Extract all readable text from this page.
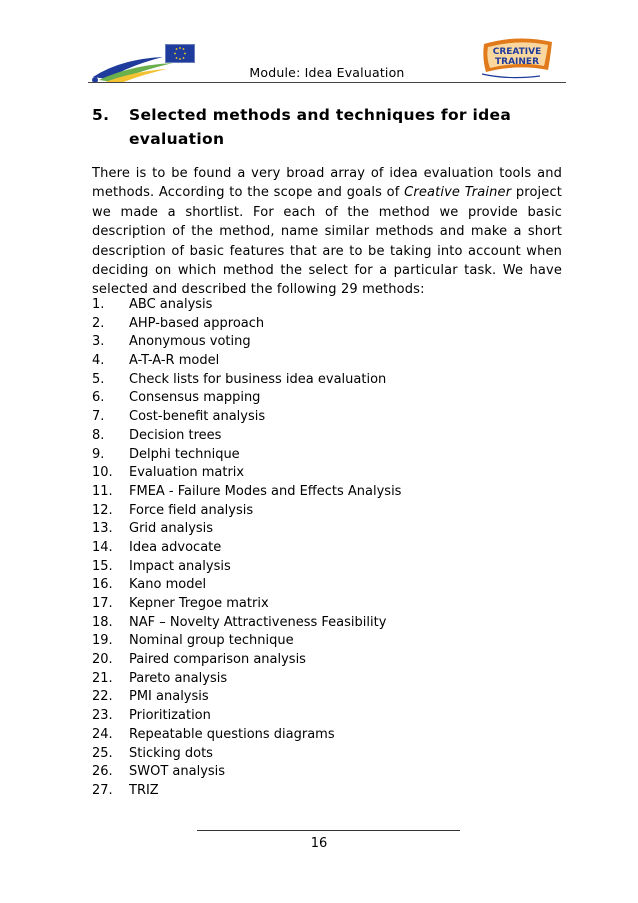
Module: Idea Evaluation
CREATIVE
TRAINER
5. Selected methods and techniques for idea evaluation

There is to be found a very broad array of idea evaluation tools and methods. According to the scope and goals of Creative Trainer project we made a shortlist. For each of the method we provide basic description of the method, name similar methods and make a short description of basic features that are to be taking into account when deciding on which method the select for a particular task. We have selected and described the following 29 methods:

1. ABC analysis
2. AHP-based approach
3. Anonymous voting
4. A-T-A-R model
5. Check lists for business idea evaluation
6. Consensus mapping
7. Cost-benefit analysis
8. Decision trees
9. Delphi technique
10. Evaluation matrix
11. FMEA - Failure Modes and Effects Analysis
12. Force field analysis
13. Grid analysis
14. Idea advocate
15. Impact analysis
16. Kano model
17. Kepner Tregoe matrix
18. NAF – Novelty Attractiveness Feasibility
19. Nominal group technique
20. Paired comparison analysis
21. Pareto analysis
22. PMI analysis
23. Prioritization
24. Repeatable questions diagrams
25. Sticking dots
26. SWOT analysis
27. TRIZ
16
